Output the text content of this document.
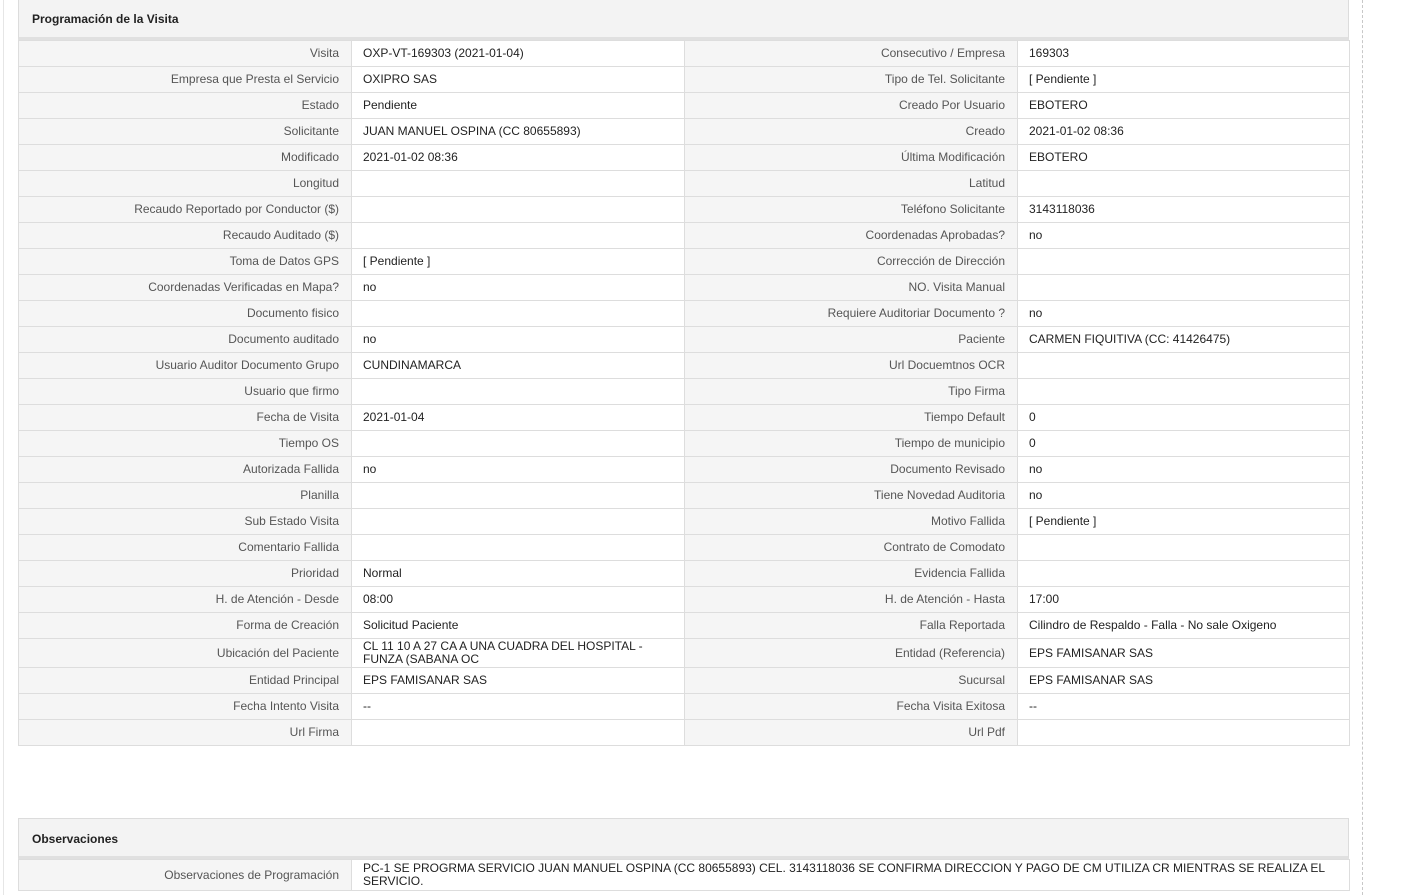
Programación de la Visita
Visita	OXP-VT-169303 (2021-01-04)	Consecutivo / Empresa	169303
Empresa que Presta el Servicio	OXIPRO SAS	Tipo de Tel. Solicitante	[ Pendiente ]
Estado	Pendiente	Creado Por Usuario	EBOTERO
Solicitante	JUAN MANUEL OSPINA (CC 80655893)	Creado	2021-01-02 08:36
Modificado	2021-01-02 08:36	Última Modificación	EBOTERO
Longitud		Latitud	
Recaudo Reportado por Conductor ($)		Teléfono Solicitante	3143118036
Recaudo Auditado ($)		Coordenadas Aprobadas?	no
Toma de Datos GPS	[ Pendiente ]	Corrección de Dirección	
Coordenadas Verificadas en Mapa?	no	NO. Visita Manual	
Documento fisico		Requiere Auditoriar Documento ?	no
Documento auditado	no	Paciente	CARMEN FIQUITIVA (CC: 41426475)
Usuario Auditor Documento Grupo	CUNDINAMARCA	Url Docuemtnos OCR	
Usuario que firmo		Tipo Firma	
Fecha de Visita	2021-01-04	Tiempo Default	0
Tiempo OS		Tiempo de municipio	0
Autorizada Fallida	no	Documento Revisado	no
Planilla		Tiene Novedad Auditoria	no
Sub Estado Visita		Motivo Fallida	[ Pendiente ]
Comentario Fallida		Contrato de Comodato	
Prioridad	Normal	Evidencia Fallida	
H. de Atención - Desde	08:00	H. de Atención - Hasta	17:00
Forma de Creación	Solicitud Paciente	Falla Reportada	Cilindro de Respaldo - Falla - No sale Oxigeno
Ubicación del Paciente	CL 11 10 A 27 CA A UNA CUADRA DEL HOSPITAL - FUNZA (SABANA OC	Entidad (Referencia)	EPS FAMISANAR SAS
Entidad Principal	EPS FAMISANAR SAS	Sucursal	EPS FAMISANAR SAS
Fecha Intento Visita	--	Fecha Visita Exitosa	--
Url Firma		Url Pdf	
Observaciones
Observaciones de Programación	PC-1 SE PROGRMA SERVICIO JUAN MANUEL OSPINA (CC 80655893) CEL. 3143118036 SE CONFIRMA DIRECCION Y PAGO DE CM UTILIZA CR MIENTRAS SE REALIZA EL SERVICIO.
